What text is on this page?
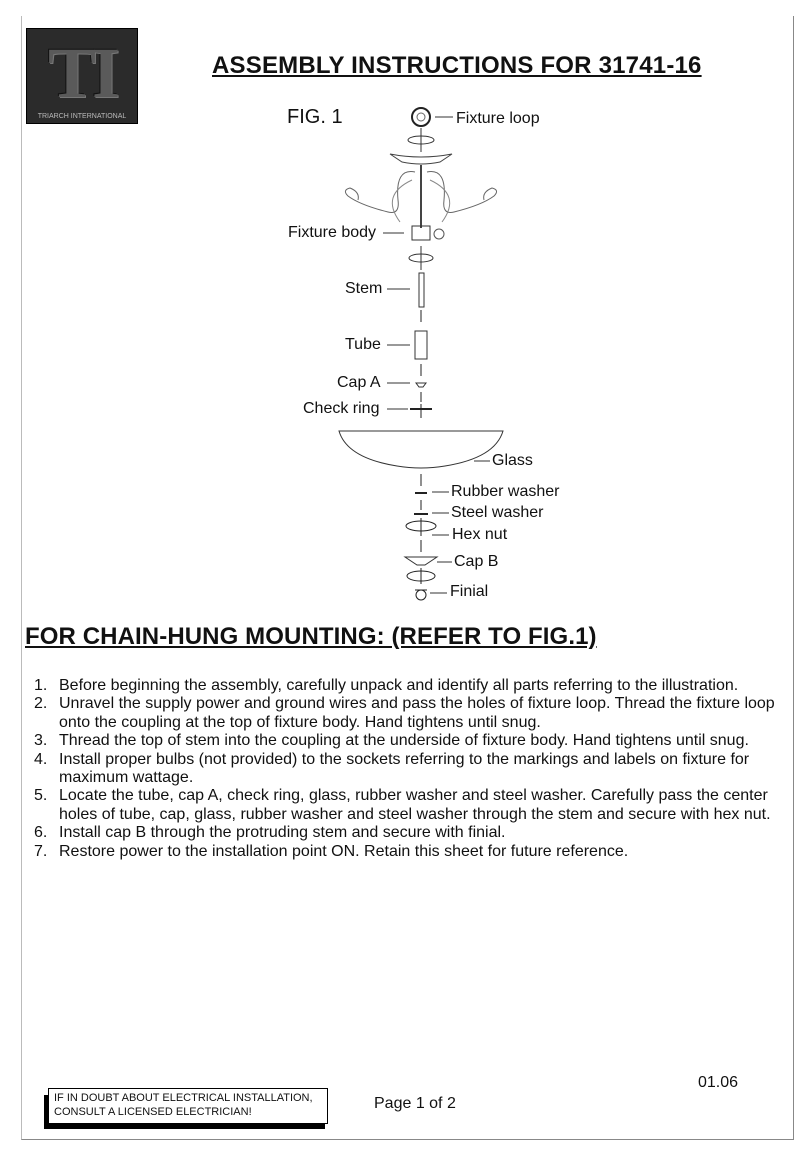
TI
TRIARCH INTERNATIONAL
ASSEMBLY INSTRUCTIONS FOR 31741-16
FIG. 1	Fixture loop
Fixture body
Stem
Tube
Cap A
Check ring
Glass
Rubber washer
Steel washer
Hex nut
Cap B
Finial
FOR CHAIN-HUNG MOUNTING: (REFER TO FIG.1)
1. Before beginning the assembly, carefully unpack and identify all parts referring to the illustration.
2. Unravel the supply power and ground wires and pass the holes of fixture loop. Thread the fixture loop onto the coupling at the top of fixture body. Hand tightens until snug.
3. Thread the top of stem into the coupling at the underside of fixture body. Hand tightens until snug.
4. Install proper bulbs (not provided) to the sockets referring to the markings and labels on fixture for maximum wattage.
5. Locate the tube, cap A, check ring, glass, rubber washer and steel washer. Carefully pass the center holes of tube, cap, glass, rubber washer and steel washer through the stem and secure with hex nut.
6. Install cap B through the protruding stem and secure with finial.
7. Restore power to the installation point ON. Retain this sheet for future reference.
IF IN DOUBT ABOUT ELECTRICAL INSTALLATION,
CONSULT A LICENSED ELECTRICIAN!	Page 1 of 2
01.06
